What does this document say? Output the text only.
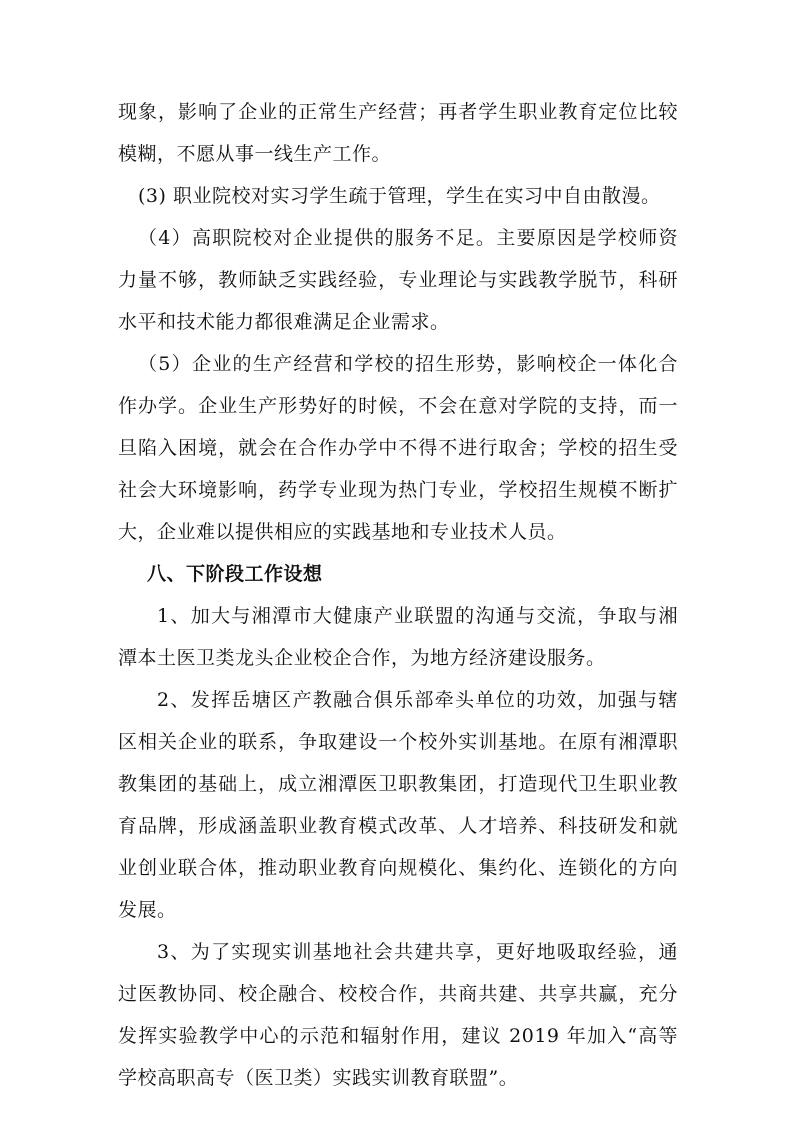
现象，影响了企业的正常生产经营；再者学生职业教育定位比较
模糊，不愿从事一线生产工作。
(3) 职业院校对实习学生疏于管理，学生在实习中自由散漫。
（4）高职院校对企业提供的服务不足。主要原因是学校师资
力量不够，教师缺乏实践经验，专业理论与实践教学脱节，科研
水平和技术能力都很难满足企业需求。
（5）企业的生产经营和学校的招生形势，影响校企一体化合
作办学。企业生产形势好的时候，不会在意对学院的支持，而一
旦陷入困境，就会在合作办学中不得不进行取舍；学校的招生受
社会大环境影响，药学专业现为热门专业，学校招生规模不断扩
大，企业难以提供相应的实践基地和专业技术人员。
八、下阶段工作设想
1、加大与湘潭市大健康产业联盟的沟通与交流，争取与湘
潭本土医卫类龙头企业校企合作，为地方经济建设服务。
2、发挥岳塘区产教融合俱乐部牵头单位的功效，加强与辖
区相关企业的联系，争取建设一个校外实训基地。在原有湘潭职
教集团的基础上，成立湘潭医卫职教集团，打造现代卫生职业教
育品牌，形成涵盖职业教育模式改革、人才培养、科技研发和就
业创业联合体，推动职业教育向规模化、集约化、连锁化的方向
发展。
3、为了实现实训基地社会共建共享，更好地吸取经验，通
过医教协同、校企融合、校校合作，共商共建、共享共赢，充分
发挥实验教学中心的示范和辐射作用，建议 2019 年加入“高等
学校高职高专（医卫类）实践实训教育联盟”。
